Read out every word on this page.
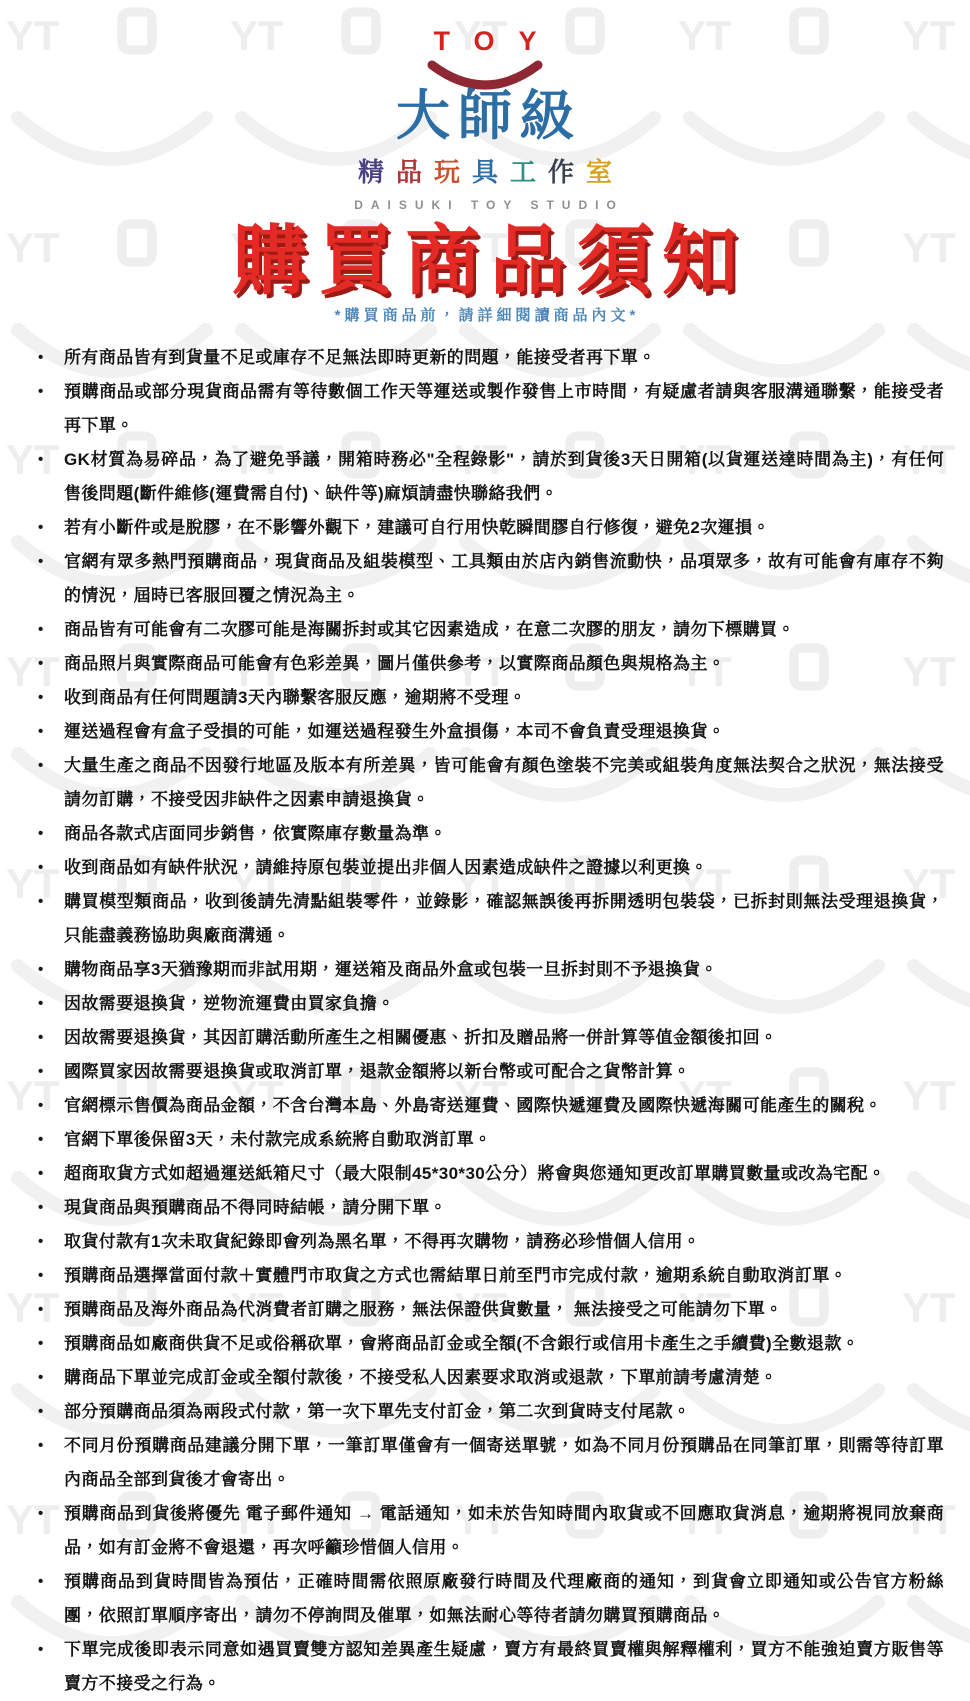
TOY
大師級
精品玩具工作室
DAISUKI TOY STUDIO
購買商品須知
*購買商品前，請詳細閱讀商品內文*
• 所有商品皆有到貨量不足或庫存不足無法即時更新的問題，能接受者再下單。
• 預購商品或部分現貨商品需有等待數個工作天等運送或製作發售上市時間，有疑慮者請與客服溝通聯繫，能接受者再下單。
• GK材質為易碎品，為了避免爭議，開箱時務必"全程錄影"，請於到貨後3天日開箱(以貨運送達時間為主)，有任何售後問題(斷件維修(運費需自付)、缺件等)麻煩請盡快聯絡我們。
• 若有小斷件或是脫膠，在不影響外觀下，建議可自行用快乾瞬間膠自行修復，避免2次運損。
• 官網有眾多熱門預購商品，現貨商品及組裝模型、工具類由於店內銷售流動快，品項眾多，故有可能會有庫存不夠的情況，屆時已客服回覆之情況為主。
• 商品皆有可能會有二次膠可能是海關拆封或其它因素造成，在意二次膠的朋友，請勿下標購買。
• 商品照片與實際商品可能會有色彩差異，圖片僅供參考，以實際商品顏色與規格為主。
• 收到商品有任何問題請3天內聯繫客服反應，逾期將不受理。
• 運送過程會有盒子受損的可能，如運送過程發生外盒損傷，本司不會負責受理退換貨。
• 大量生產之商品不因發行地區及版本有所差異，皆可能會有顏色塗裝不完美或組裝角度無法契合之狀況，無法接受請勿訂購，不接受因非缺件之因素申請退換貨。
• 商品各款式店面同步銷售，依實際庫存數量為準。
• 收到商品如有缺件狀況，請維持原包裝並提出非個人因素造成缺件之證據以利更換。
• 購買模型類商品，收到後請先清點組裝零件，並錄影，確認無誤後再拆開透明包裝袋，已拆封則無法受理退換貨，只能盡義務協助與廠商溝通。
• 購物商品享3天猶豫期而非試用期，運送箱及商品外盒或包裝一旦拆封則不予退換貨。
• 因故需要退換貨，逆物流運費由買家負擔。
• 因故需要退換貨，其因訂購活動所產生之相關優惠、折扣及贈品將一併計算等值金額後扣回。
• 國際買家因故需要退換貨或取消訂單，退款金額將以新台幣或可配合之貨幣計算。
• 官網標示售價為商品金額，不含台灣本島、外島寄送運費、國際快遞運費及國際快遞海關可能產生的關稅。
• 官網下單後保留3天，未付款完成系統將自動取消訂單。
• 超商取貨方式如超過運送紙箱尺寸（最大限制45*30*30公分）將會與您通知更改訂單購買數量或改為宅配。
• 現貨商品與預購商品不得同時結帳，請分開下單。
• 取貨付款有1次未取貨紀錄即會列為黑名單，不得再次購物，請務必珍惜個人信用。
• 預購商品選擇當面付款＋實體門市取貨之方式也需結單日前至門市完成付款，逾期系統自動取消訂單。
• 預購商品及海外商品為代消費者訂購之服務，無法保證供貨數量， 無法接受之可能請勿下單。
• 預購商品如廠商供貨不足或俗稱砍單，會將商品訂金或全額(不含銀行或信用卡產生之手續費)全數退款。
• 購商品下單並完成訂金或全額付款後，不接受私人因素要求取消或退款，下單前請考慮清楚。
• 部分預購商品須為兩段式付款，第一次下單先支付訂金，第二次到貨時支付尾款。
• 不同月份預購商品建議分開下單，一筆訂單僅會有一個寄送單號，如為不同月份預購品在同筆訂單，則需等待訂單內商品全部到貨後才會寄出。
• 預購商品到貨後將優先 電子郵件通知 → 電話通知，如未於告知時間內取貨或不回應取貨消息，逾期將視同放棄商品，如有訂金將不會退還，再次呼籲珍惜個人信用。
• 預購商品到貨時間皆為預估，正確時間需依照原廠發行時間及代理廠商的通知，到貨會立即通知或公告官方粉絲團，依照訂單順序寄出，請勿不停詢問及催單，如無法耐心等待者請勿購買預購商品。
• 下單完成後即表示同意如遇買賣雙方認知差異產生疑慮，賣方有最終買賣權與解釋權利，買方不能強迫賣方販售等賣方不接受之行為。
